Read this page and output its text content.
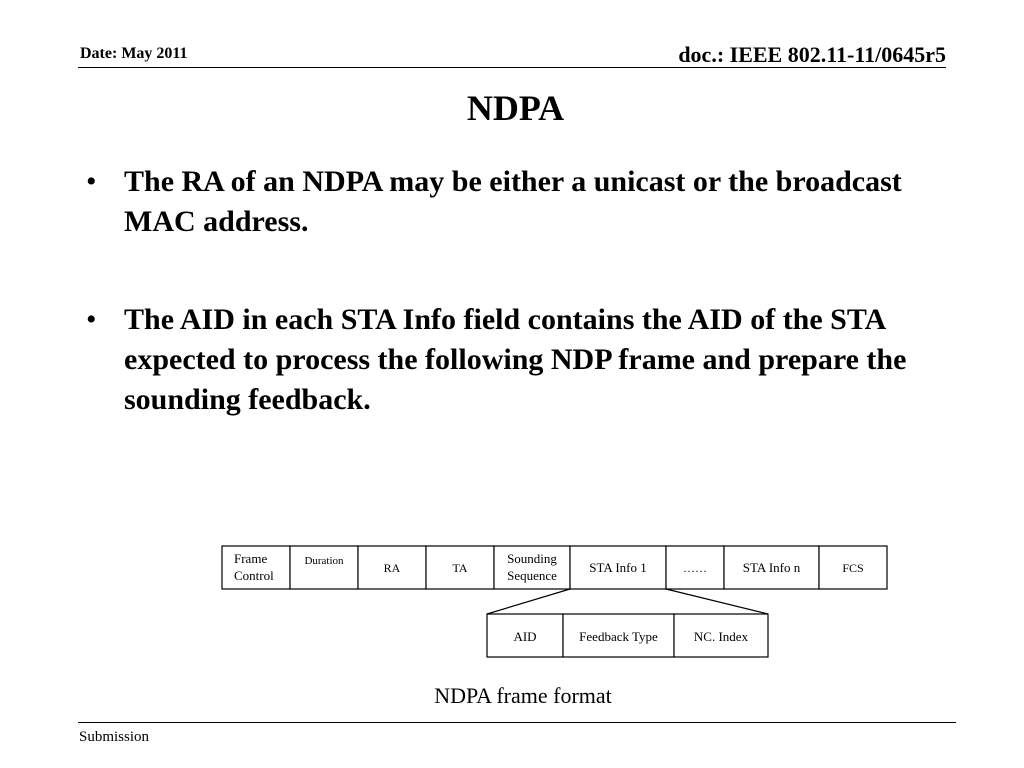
Date: May 2011	doc.: IEEE 802.11-11/0645r5
NDPA
• The RA of an NDPA may be either a unicast or the broadcast MAC address.
• The AID in each STA Info field contains the AID of the STA expected to process the following NDP frame and prepare the sounding feedback.
Frame
Control
Duration	RA	TA
Sounding
Sequence
STA Info 1	……	STA Info n	FCS
AID	Feedback Type	NC. Index
NDPA frame format
Submission
